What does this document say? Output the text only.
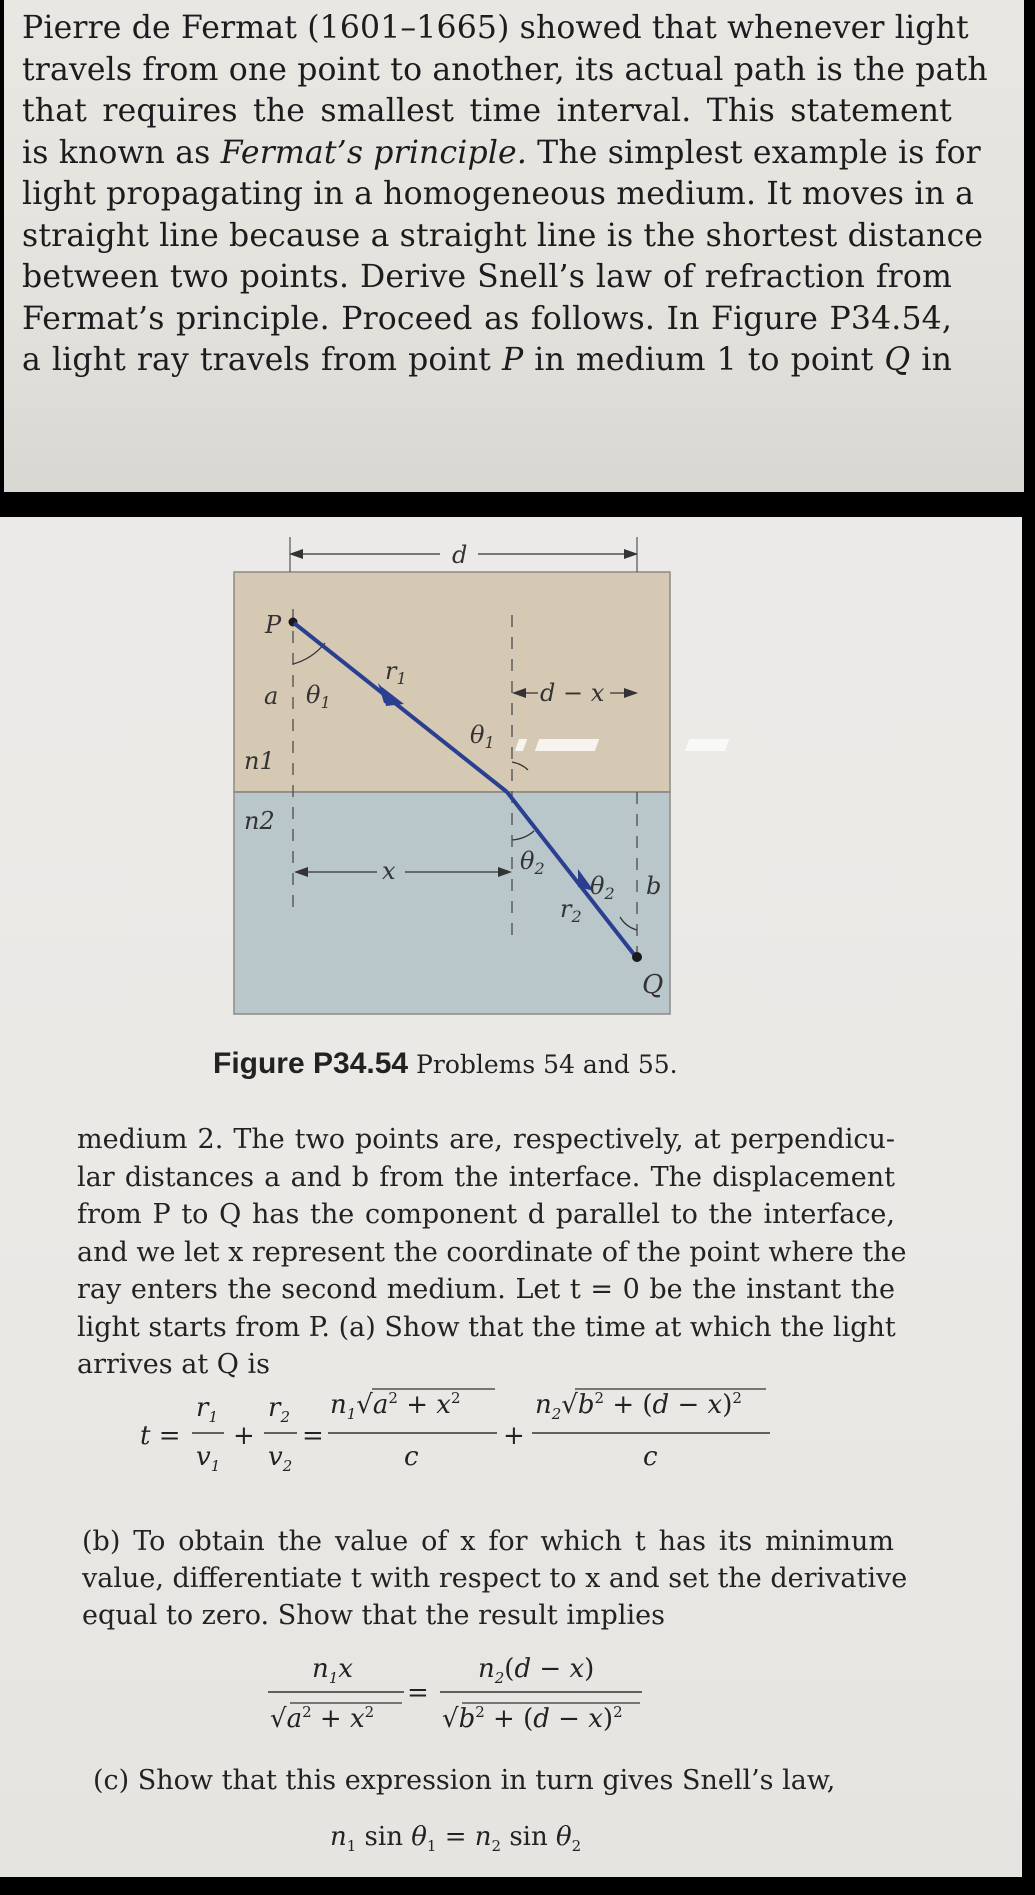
Pierre de Fermat (1601–1665) showed that whenever light
travels from one point to another, its actual path is the path
that requires the smallest time interval. This statement
is known as Fermat’s principle. The simplest example is for
light propagating in a homogeneous medium. It moves in a
straight line because a straight line is the shortest distance
between two points. Derive Snell’s law of refraction from
Fermat’s principle. Proceed as follows. In Figure P34.54,
a light ray travels from point P in medium 1 to point Q in
d
P
a
n1
n2
$\theta_1$
$r_1$
$\theta_1$
d − x
$r_2$
$\theta_2$
$\theta_2$ b
x
Q
Figure P34.54 Problems 54 and 55.
medium 2. The two points are, respectively, at perpendicu-
lar distances a and b from the interface. The displacement
from P to Q has the component d parallel to the interface,
and we let x represent the coordinate of the point where the
ray enters the second medium. Let t = 0 be the instant the
light starts from P. (a) Show that the time at which the light
arrives at Q is
t =
$r_1$
$v_1$
+
$r_2$
$v_2$
=
$n_1√a^2 + x^2$
c
+
$n_2√b^2 + (d - x)^2$
c
(b) To obtain the value of x for which t has its minimum
value, differentiate t with respect to x and set the derivative
equal to zero. Show that the result implies
$n_1x$
$√a^2 + x^2$
=
$n_2(d - x)$
$√b^2 + (d - x)^2$
(c) Show that this expression in turn gives Snell’s law,
$n_1$ $\sin \theta_1 = n_2$ $\sin \theta_2$
